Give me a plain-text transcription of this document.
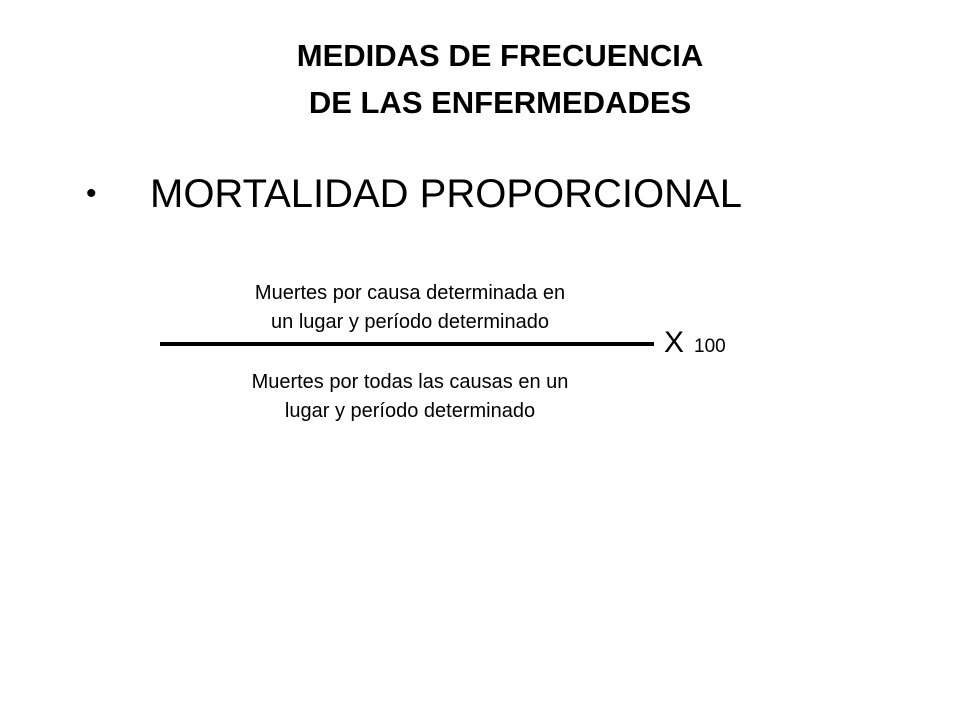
MEDIDAS DE FRECUENCIA
DE LAS ENFERMEDADES
•	MORTALIDAD PROPORCIONAL
Muertes por causa determinada en
un lugar y período determinado
X 100
Muertes por todas las causas en un
lugar y período determinado
